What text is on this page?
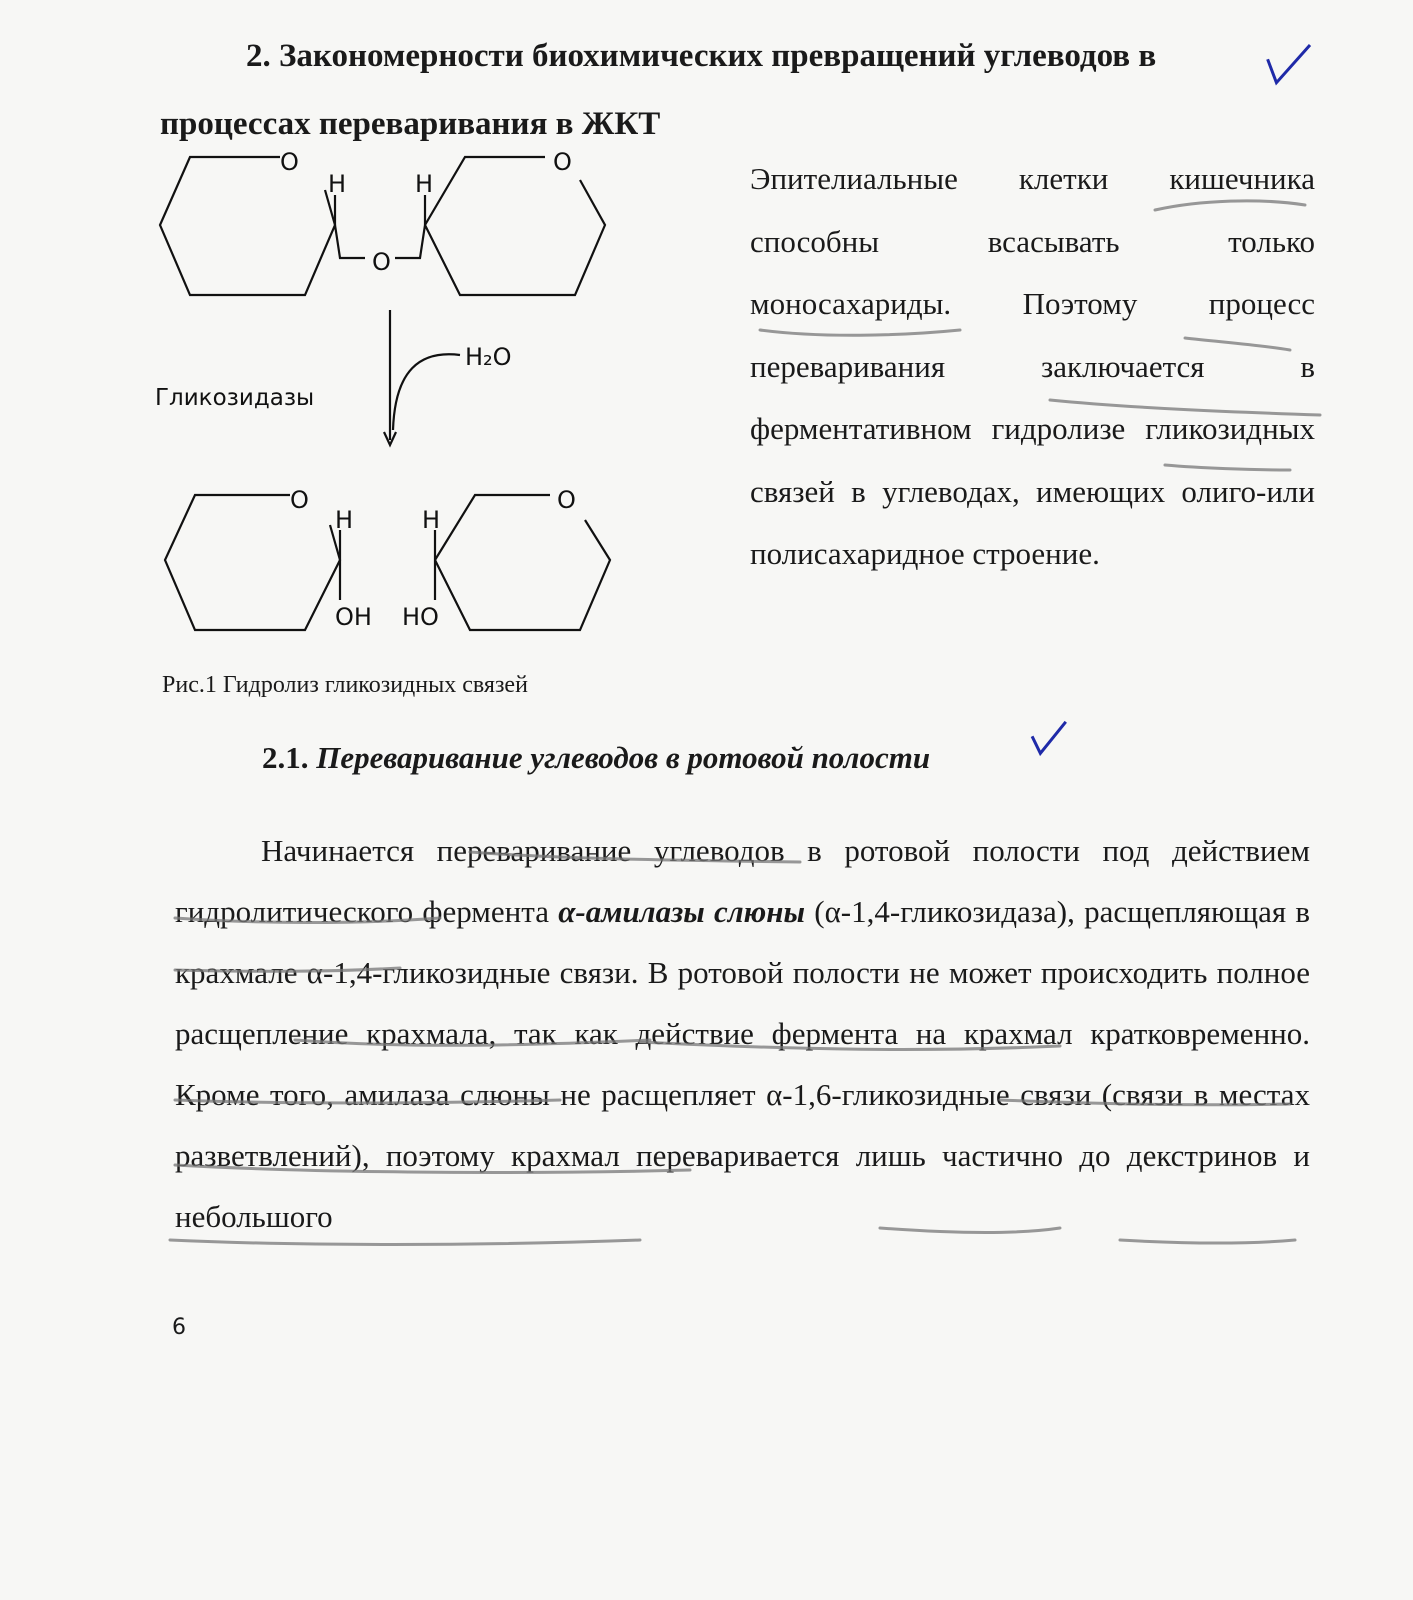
2. Закономерности биохимических превращений углеводов в процессах переваривания в ЖКТ

O
H
O
H
O
H₂O
Гликозидазы
O
H
OH
H
HO
O

Эпителиальные клетки кишечника способны всасывать только моносахариды. Поэтому процесс переваривания заключается в ферментативном гидролизе гликозидных связей в углеводах, имеющих олиго-или полисахаридное строение.

Рис.1 Гидролиз гликозидных связей

2.1. Переваривание углеводов в ротовой полости

Начинается переваривание углеводов в ротовой полости под действием гидролитического фермента α-амилазы слюны (α-1,4-гликозидаза), расщепляющая в крахмале α-1,4-гликозидные связи. В ротовой полости не может происходить полное расщепление крахмала, так как действие фермента на крахмал кратковременно. Кроме того, амилаза слюны не расщепляет α-1,6-гликозидные связи (связи в местах разветвлений), поэтому крахмал переваривается лишь частично до декстринов и небольшого

6
